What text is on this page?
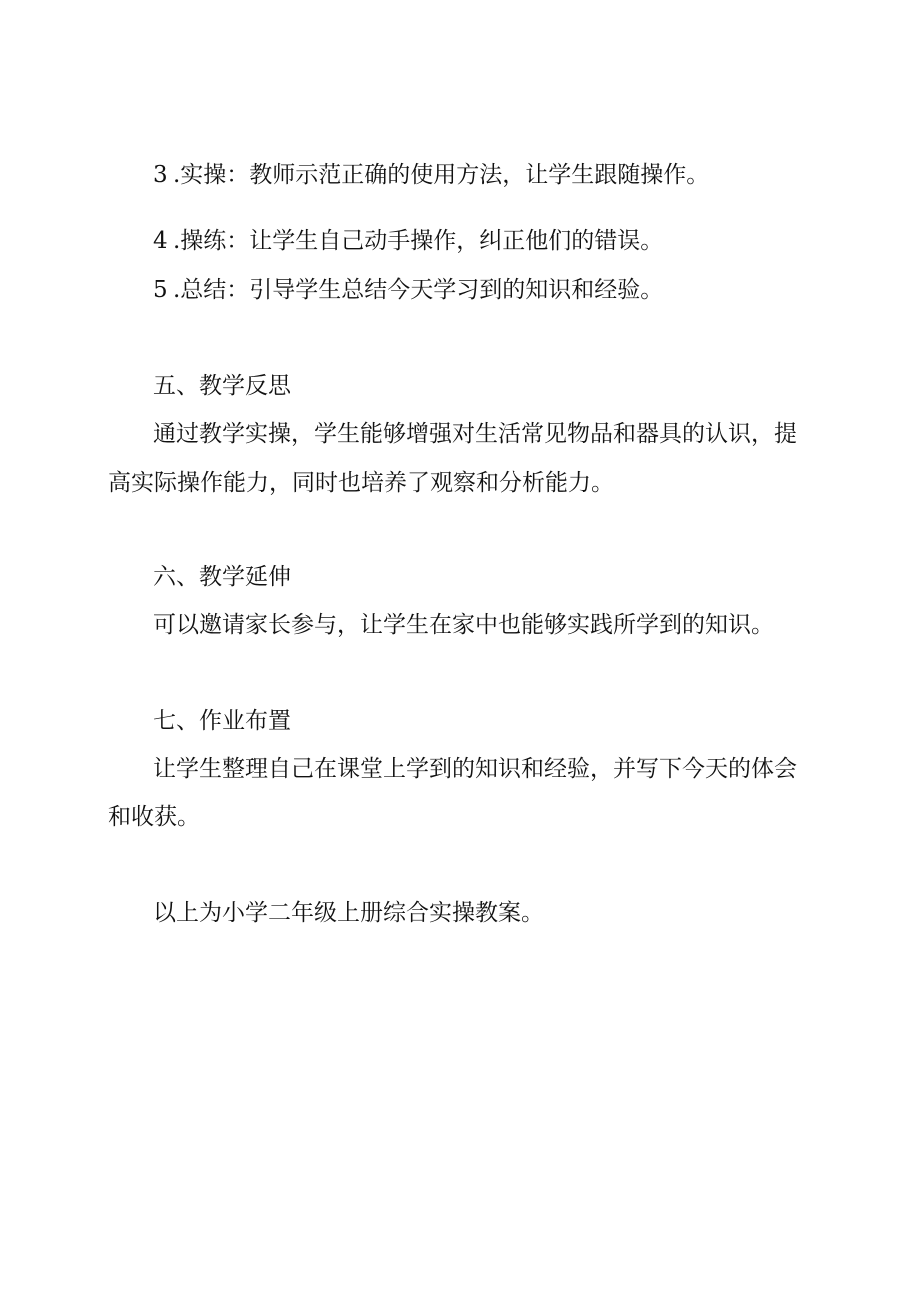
3 .实操：教师示范正确的使用方法，让学生跟随操作。
4 .操练：让学生自己动手操作，纠正他们的错误。
5 .总结：引导学生总结今天学习到的知识和经验。
五、教学反思
通过教学实操，学生能够增强对生活常见物品和器具的认识，提
高实际操作能力，同时也培养了观察和分析能力。
六、教学延伸
可以邀请家长参与，让学生在家中也能够实践所学到的知识。
七、作业布置
让学生整理自己在课堂上学到的知识和经验，并写下今天的体会
和收获。
以上为小学二年级上册综合实操教案。
